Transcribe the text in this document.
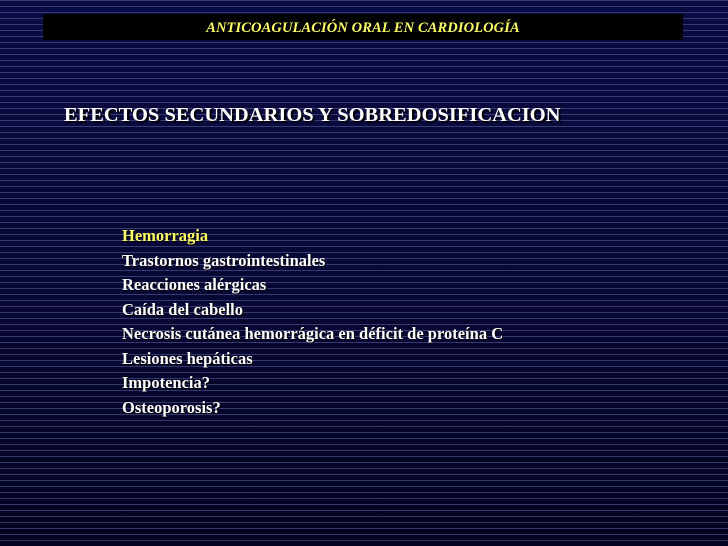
ANTICOAGULACIÓN ORAL EN CARDIOLOGÍA
EFECTOS SECUNDARIOS Y SOBREDOSIFICACION
Hemorragia
Trastornos gastrointestinales
Reacciones alérgicas
Caída del cabello
Necrosis cutánea hemorrágica en déficit de proteína C
Lesiones hepáticas
Impotencia?
Osteoporosis?
